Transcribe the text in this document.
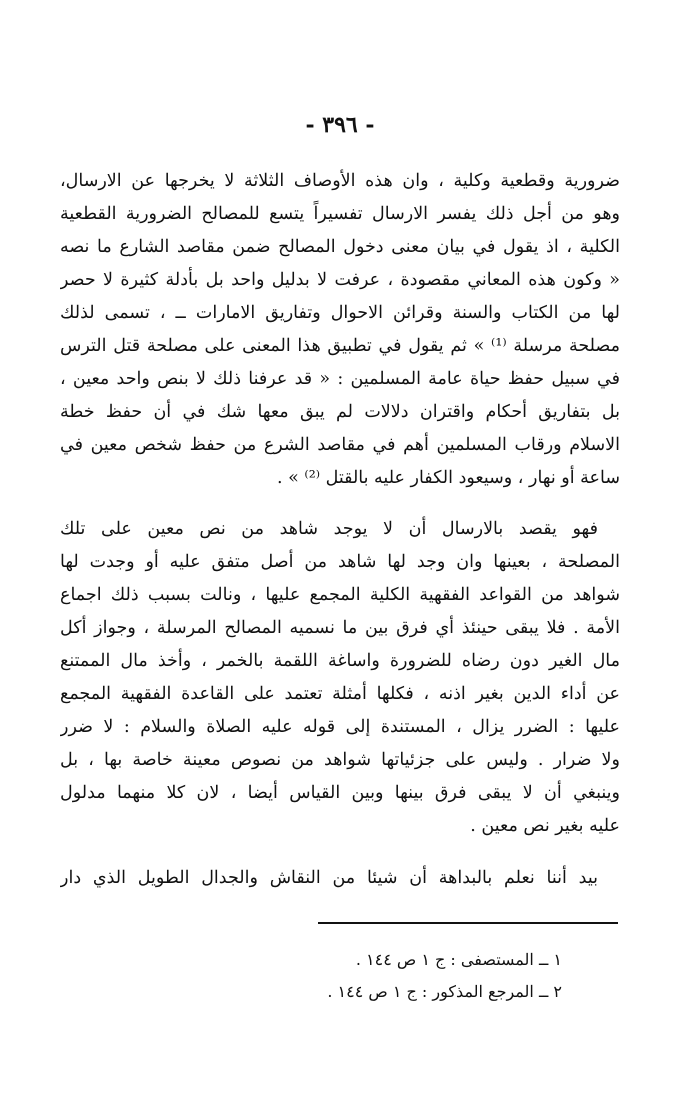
- ٣٩٦ -
ضرورية وقطعية وكلية ، وان هذه الأوصاف الثلاثة لا يخرجها عن الارسال،
وهو من أجل ذلك يفسر الارسال تفسيراً يتسع للمصالح الضرورية القطعية
الكلية ، اذ يقول في بيان معنى دخول المصالح ضمن مقاصد الشارع ما نصه
« وكون هذه المعاني مقصودة ، عرفت لا بدليل واحد بل بأدلة كثيرة لا حصر
لها من الكتاب والسنة وقرائن الاحوال وتفاريق الامارات ــ ، تسمى لذلك
مصلحة مرسلة ⁽¹⁾ » ثم يقول في تطبيق هذا المعنى على مصلحة قتل الترس
في سبيل حفظ حياة عامة المسلمين : « قد عرفنا ذلك لا بنص واحد معين ،
بل بتفاريق أحكام واقتران دلالات لم يبق معها شك في أن حفظ خطة
الاسلام ورقاب المسلمين أهم في مقاصد الشرع من حفظ شخص معين في
ساعة أو نهار ، وسيعود الكفار عليه بالقتل ⁽²⁾ » .
فهو يقصد بالارسال أن لا يوجد شاهد من نص معين على تلك
المصلحة ، بعينها وان وجد لها شاهد من أصل متفق عليه أو وجدت لها
شواهد من القواعد الفقهية الكلية المجمع عليها ، ونالت بسبب ذلك اجماع
الأمة . فلا يبقى حينئذ أي فرق بين ما نسميه المصالح المرسلة ، وجواز أكل
مال الغير دون رضاه للضرورة واساغة اللقمة بالخمر ، وأخذ مال الممتنع
عن أداء الدين بغير اذنه ، فكلها أمثلة تعتمد على القاعدة الفقهية المجمع
عليها : الضرر يزال ، المستندة إلى قوله عليه الصلاة والسلام : لا ضرر
ولا ضرار . وليس على جزئياتها شواهد من نصوص معينة خاصة بها ، بل
وينبغي أن لا يبقى فرق بينها وبين القياس أيضا ، لان كلا منهما مدلول
عليه بغير نص معين .
بيد أننا نعلم بالبداهة أن شيئا من النقاش والجدال الطويل الذي دار
١ ــ المستصفى : ج ١ ص ١٤٤ .
٢ ــ المرجع المذكور : ج ١ ص ١٤٤ .
